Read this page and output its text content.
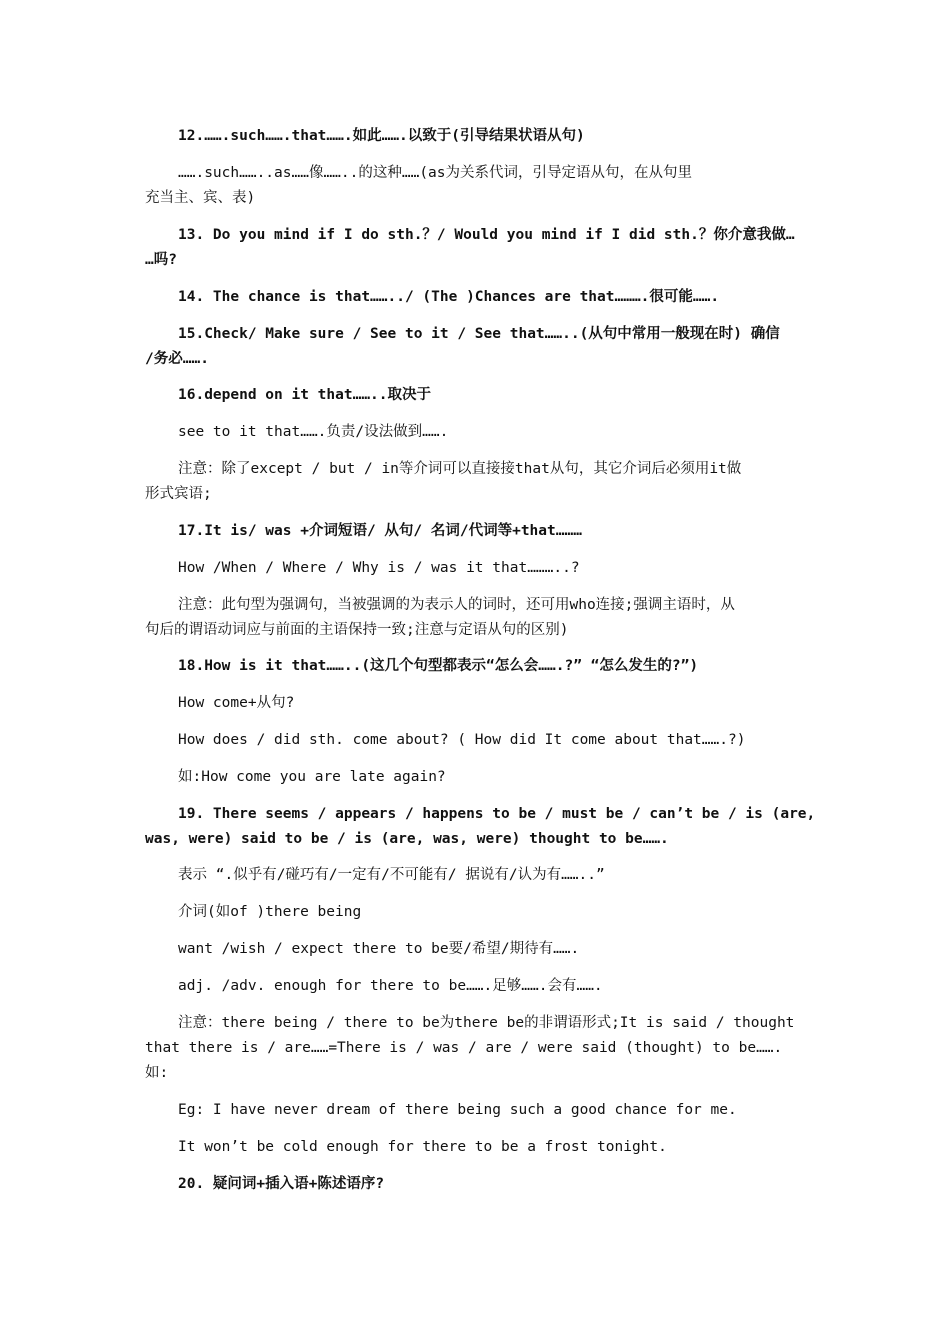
12.…….such…….that…….如此…….以致于(引导结果状语从句)
…….such……..as……像……..的这种……(as为关系代词，引导定语从句，在从句里
充当主、宾、表)
13. Do you mind if I do sth.？/ Would you mind if I did sth.？你介意我做…
…吗?
14. The chance is that……../ (The )Chances are that……….很可能…….
15.Check/ Make sure / See to it / See that……..(从句中常用一般现在时) 确信
/务必…….
16.depend on it that……..取决于
see to it that…….负责/设法做到…….
注意：除了except / but / in等介词可以直接接that从句，其它介词后必须用it做
形式宾语;
17.It is/ was +介词短语/ 从句/ 名词/代词等+that………
How /When / Where / Why is / was it that………..?
注意：此句型为强调句，当被强调的为表示人的词时，还可用who连接;强调主语时，从
句后的谓语动词应与前面的主语保持一致;注意与定语从句的区别)
18.How is it that……..(这几个句型都表示“怎么会…….?” “怎么发生的?”)
How come+从句?
How does / did sth. come about? ( How did It come about that…….?)
如:How come you are late again?
19. There seems / appears / happens to be / must be / can’t be / is (are,
was, were) said to be / is (are, was, were) thought to be…….
表示 “.似乎有/碰巧有/一定有/不可能有/ 据说有/认为有……..”
介词(如of )there being
want /wish / expect there to be要/希望/期待有…….
adj. /adv. enough for there to be…….足够…….会有…….
注意：there being / there to be为there be的非谓语形式;It is said / thought
that there is / are……=There is / was / are / were said (thought) to be…….
如:
Eg: I have never dream of there being such a good chance for me.
It won’t be cold enough for there to be a frost tonight.
20. 疑问词+插入语+陈述语序?
